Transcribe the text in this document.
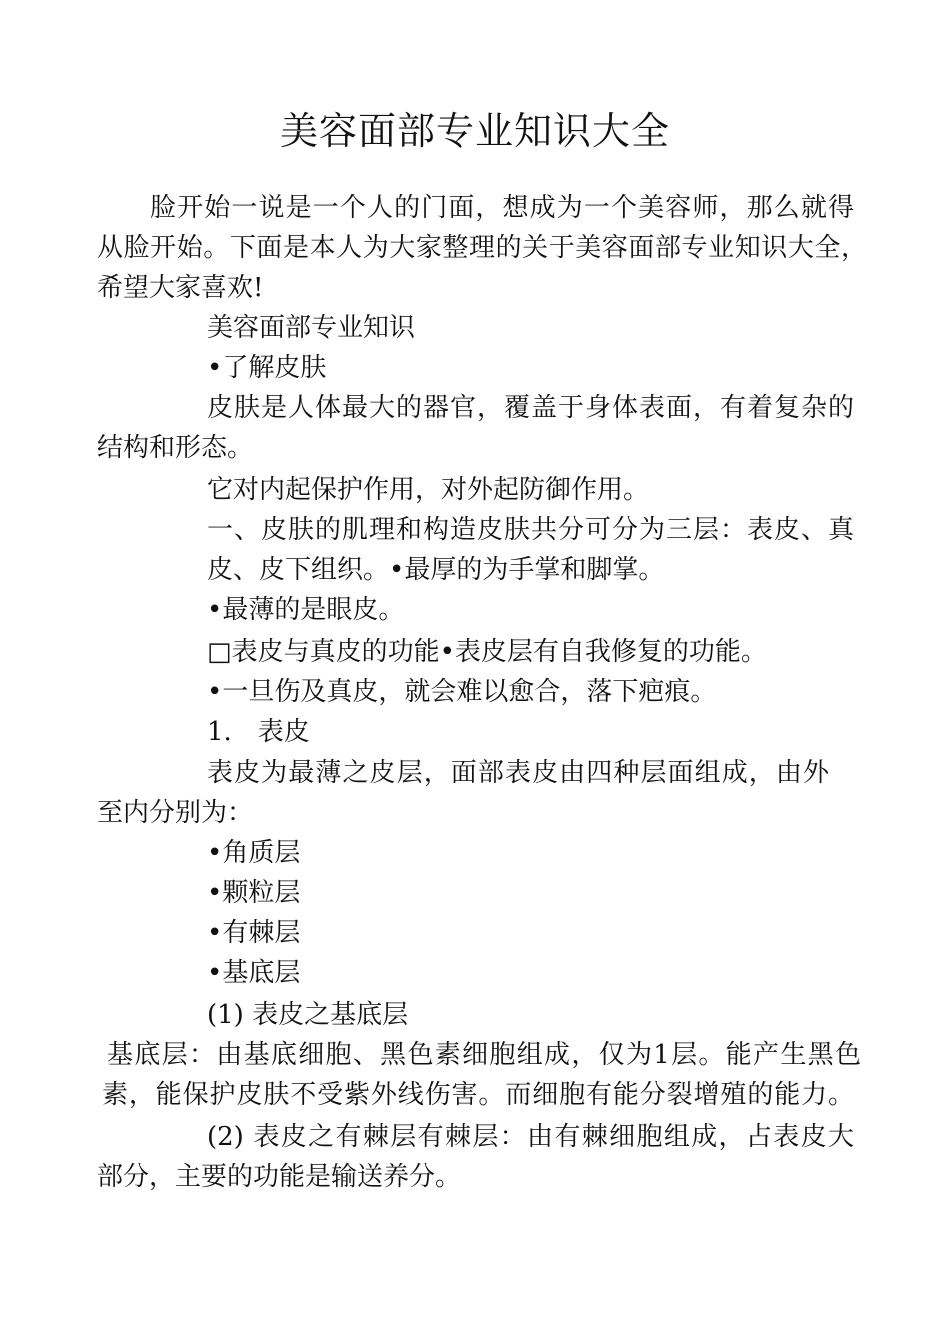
美容面部专业知识大全
脸开始一说是一个人的门面，想成为一个美容师，那么就得
从脸开始。下面是本人为大家整理的关于美容面部专业知识大全，
希望大家喜欢!
美容面部专业知识
•了解皮肤
皮肤是人体最大的器官，覆盖于身体表面，有着复杂的
结构和形态。
它对内起保护作用，对外起防御作用。
一、皮肤的肌理和构造皮肤共分可分为三层：表皮、真
皮、皮下组织。•最厚的为手掌和脚掌。
•最薄的是眼皮。
□表皮与真皮的功能•表皮层有自我修复的功能。
•一旦伤及真皮，就会难以愈合，落下疤痕。
1.　表皮
表皮为最薄之皮层，面部表皮由四种层面组成，由外
至内分别为：
•角质层
•颗粒层
•有棘层
•基底层
(1) 表皮之基底层
基底层：由基底细胞、黑色素细胞组成，仅为1层。能产生黑色
素，能保护皮肤不受紫外线伤害。而细胞有能分裂增殖的能力。
(2) 表皮之有棘层有棘层：由有棘细胞组成，占表皮大
部分，主要的功能是输送养分。
